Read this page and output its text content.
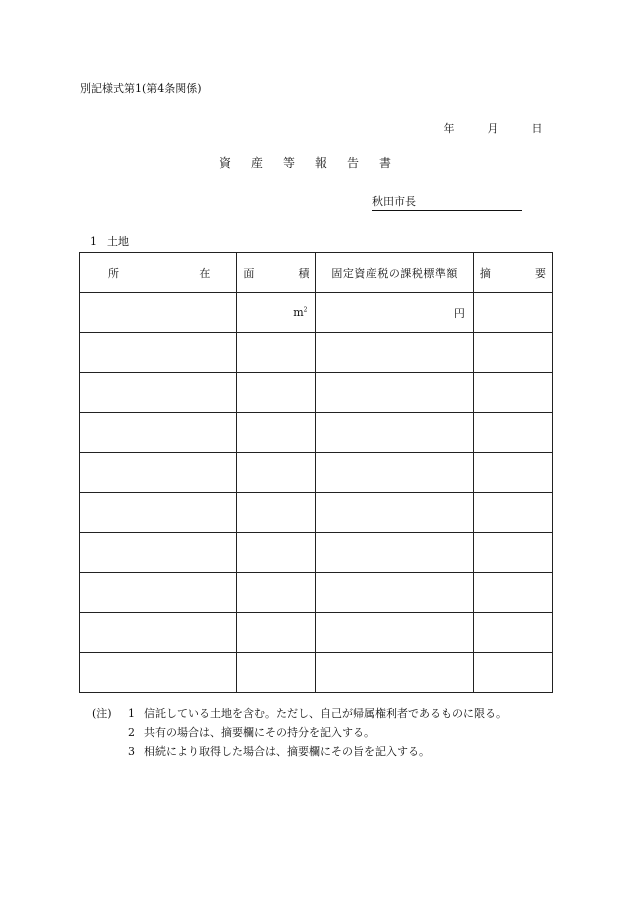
別記様式第1(第4条関係)
年	月	日
資産等報告書
秋田市長
1 土地
所 在	面 積	固定資産税の課税標準額	摘 要

	$m^2$	円	

(注)	1 信託している土地を含む。ただし、自己が帰属権利者であるものに限る。
2 共有の場合は、摘要欄にその持分を記入する。
3 相続により取得した場合は、摘要欄にその旨を記入する。
